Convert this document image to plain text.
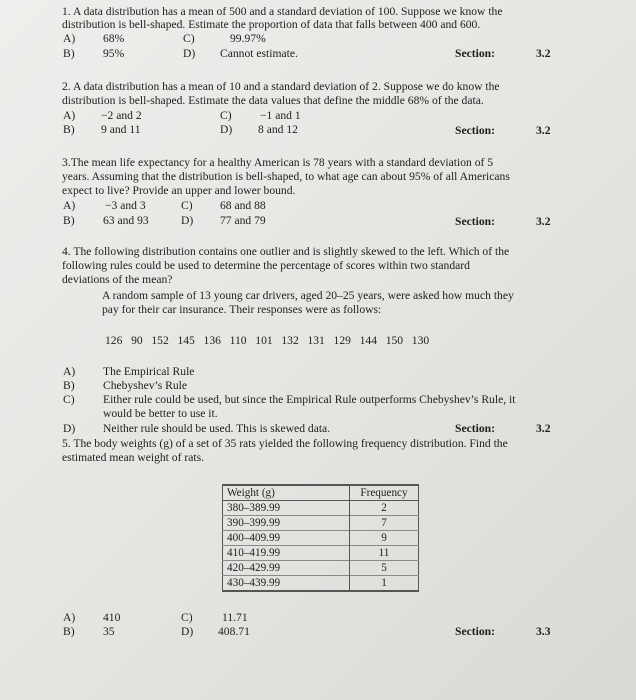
1. A data distribution has a mean of 500 and a standard deviation of 100. Suppose we know the
distribution is bell-shaped. Estimate the proportion of data that falls between 400 and 600.
A) 68%	C)	99.97%
B) 95%	D) Cannot estimate.	Section:	3.2
2. A data distribution has a mean of 10 and a standard deviation of 2. Suppose we do know the
distribution is bell-shaped. Estimate the data values that define the middle 68% of the data.
A) −2 and 2	C) −1 and 1
B) 9 and 11	D) 8 and 12	Section:	3.2
3.The mean life expectancy for a healthy American is 78 years with a standard deviation of 5
years. Assuming that the distribution is bell-shaped, to what age can about 95% of all Americans
expect to live? Provide an upper and lower bound.
A)	−3 and 3	C) 68 and 88
B) 63 and 93	D) 77 and 79	Section:	3.2
4. The following distribution contains one outlier and is slightly skewed to the left. Which of the
following rules could be used to determine the percentage of scores within two standard
deviations of the mean?
A random sample of 13 young car drivers, aged 20–25 years, were asked how much they
pay for their car insurance. Their responses were as follows:
126   90   152   145   136   110   101   132   131   129   144   150   130
A) The Empirical Rule
B) Chebyshev’s Rule
C) Either rule could be used, but since the Empirical Rule outperforms Chebyshev’s Rule, it
would be better to use it.
D) Neither rule should be used. This is skewed data.	Section:	3.2
5. The body weights (g) of a set of 35 rats yielded the following frequency distribution. Find the
estimated mean weight of rats.
Weight (g)	Frequency
380–389.99	2
390–399.99	7
400–409.99	9
410–419.99	11
420–429.99	5
430–439.99	1
A) 410	C)	11.71
B) 35	D) 408.71	Section:	3.3
